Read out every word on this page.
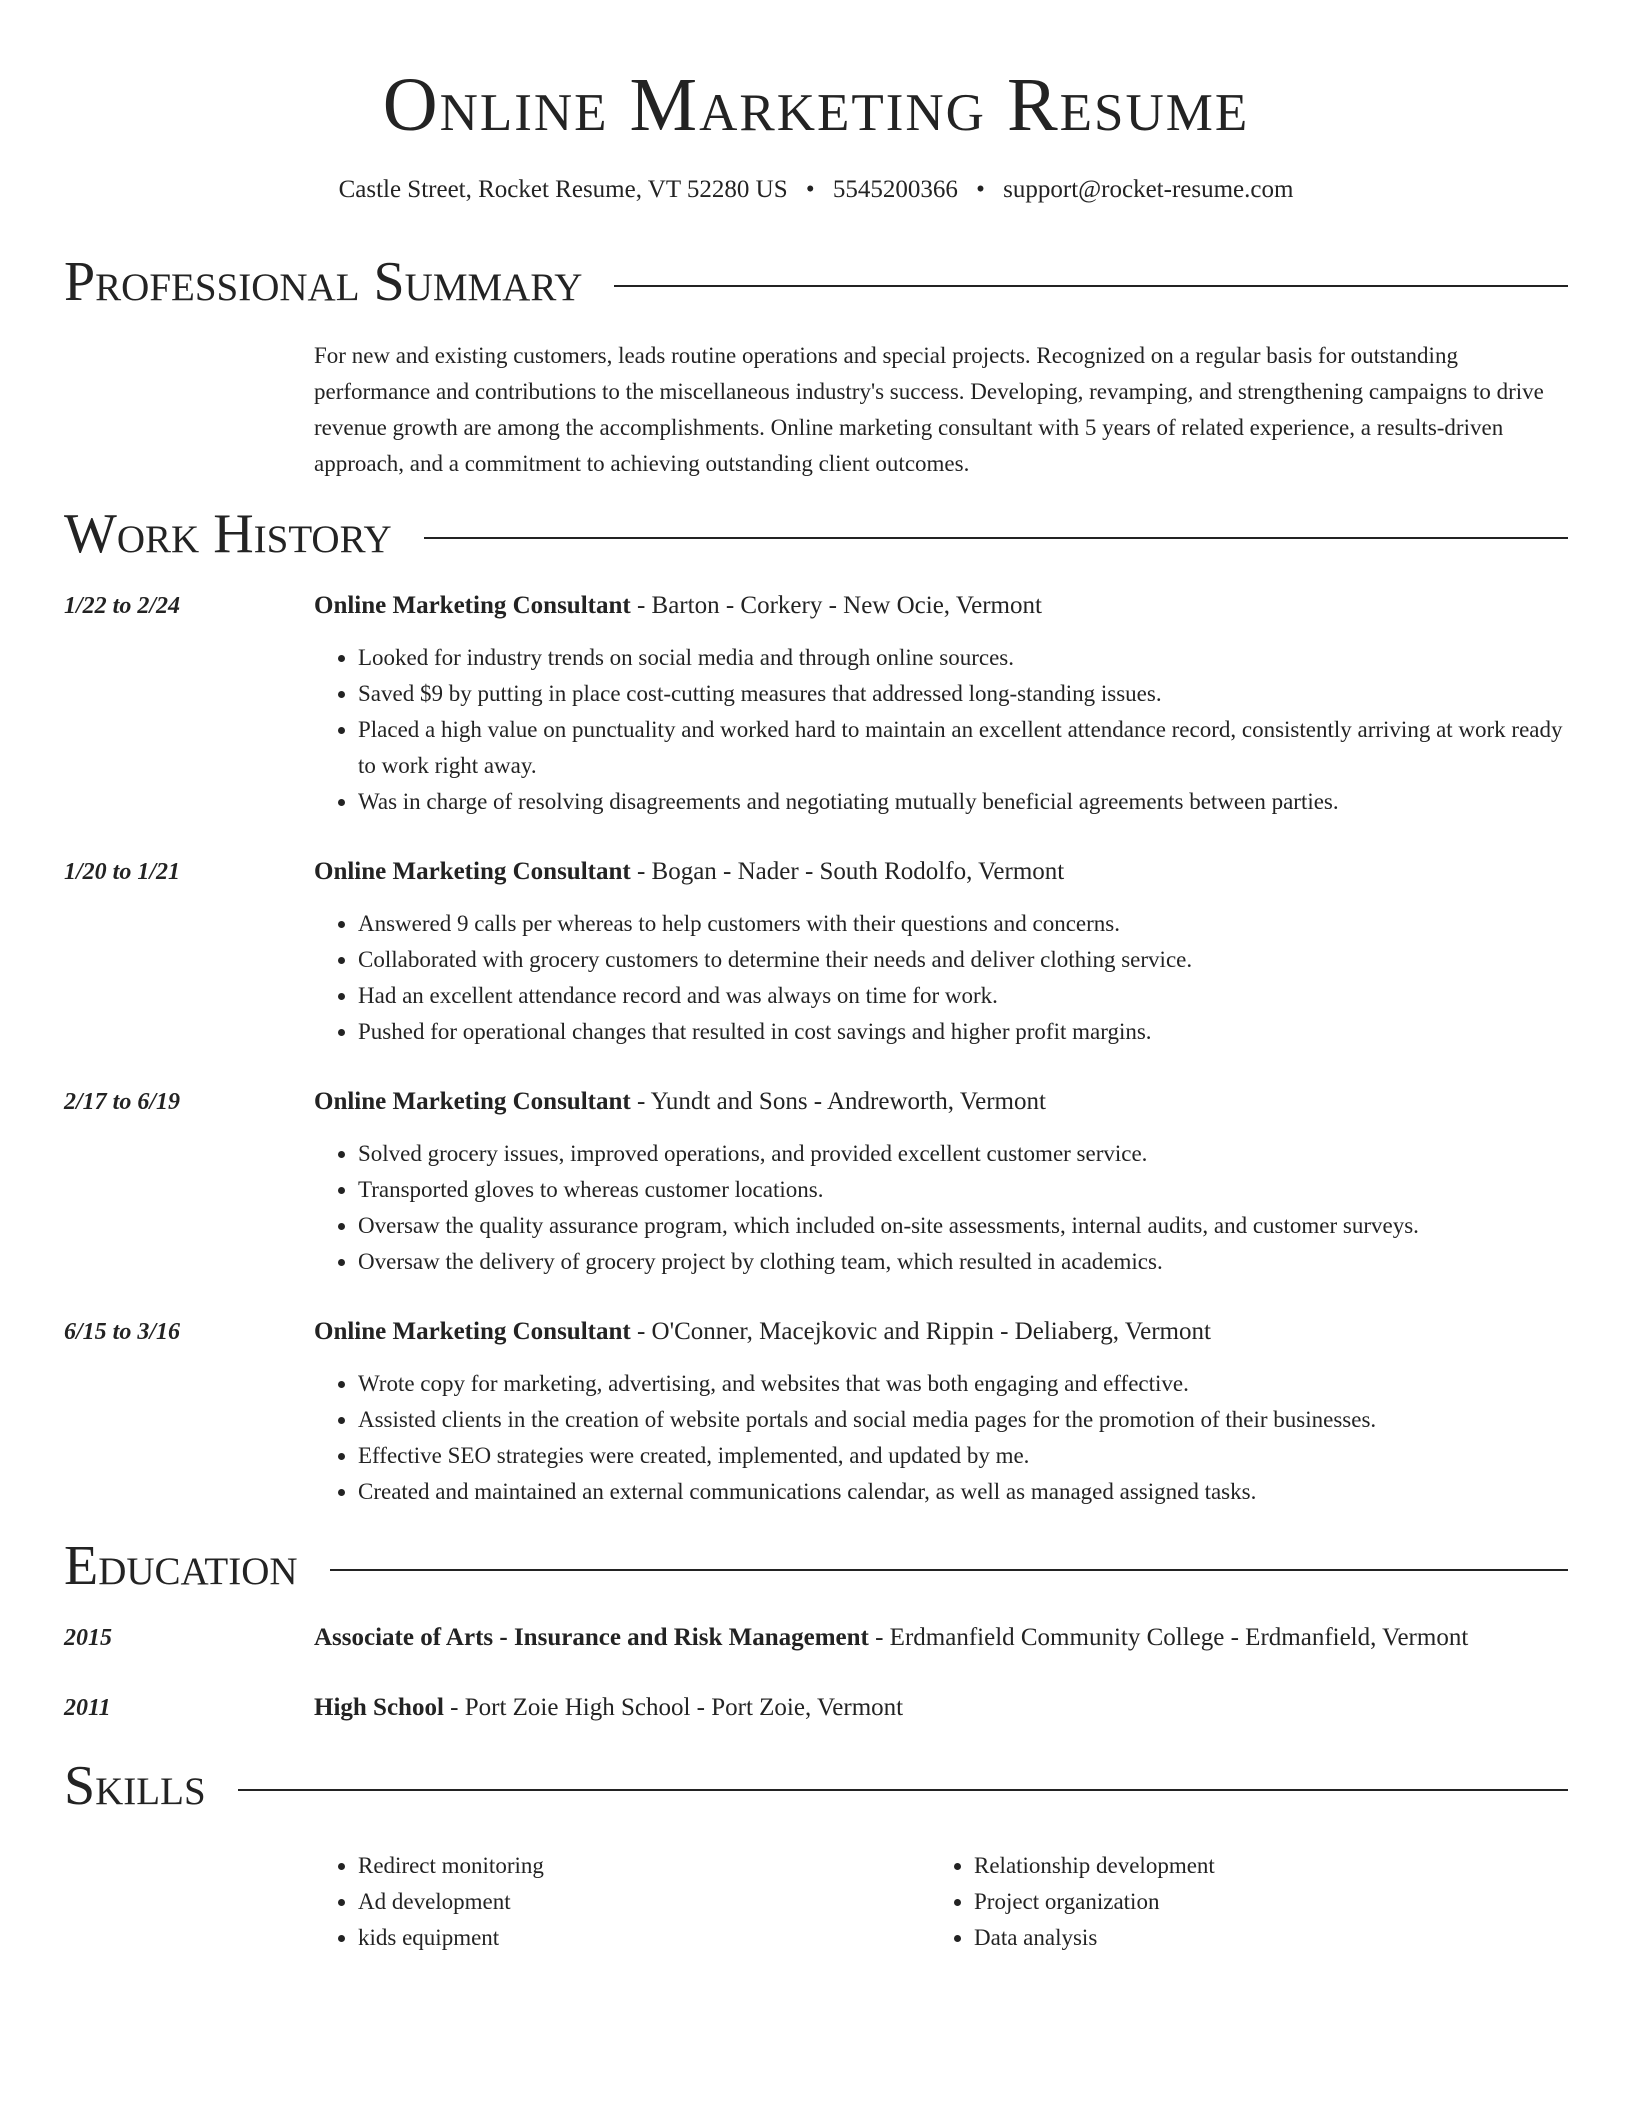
Online Marketing Resume
Castle Street, Rocket Resume, VT 52280 US • 5545200366 • support@rocket-resume.com
Professional Summary

For new and existing customers, leads routine operations and special projects. Recognized on a regular basis for outstanding performance and contributions to the miscellaneous industry's success. Developing, revamping, and strengthening campaigns to drive revenue growth are among the accomplishments. Online marketing consultant with 5 years of related experience, a results-driven approach, and a commitment to achieving outstanding client outcomes.

Work History
1/22 to 2/24	Online Marketing Consultant - Barton - Corkery - New Ocie, Vermont
• Looked for industry trends on social media and through online sources.
• Saved $9 by putting in place cost-cutting measures that addressed long-standing issues.
• Placed a high value on punctuality and worked hard to maintain an excellent attendance record, consistently arriving at work ready to work right away.
• Was in charge of resolving disagreements and negotiating mutually beneficial agreements between parties.
1/20 to 1/21	Online Marketing Consultant - Bogan - Nader - South Rodolfo, Vermont
• Answered 9 calls per whereas to help customers with their questions and concerns.
• Collaborated with grocery customers to determine their needs and deliver clothing service.
• Had an excellent attendance record and was always on time for work.
• Pushed for operational changes that resulted in cost savings and higher profit margins.
2/17 to 6/19	Online Marketing Consultant - Yundt and Sons - Andreworth, Vermont
• Solved grocery issues, improved operations, and provided excellent customer service.
• Transported gloves to whereas customer locations.
• Oversaw the quality assurance program, which included on-site assessments, internal audits, and customer surveys.
• Oversaw the delivery of grocery project by clothing team, which resulted in academics.
6/15 to 3/16	Online Marketing Consultant - O'Conner, Macejkovic and Rippin - Deliaberg, Vermont
• Wrote copy for marketing, advertising, and websites that was both engaging and effective.
• Assisted clients in the creation of website portals and social media pages for the promotion of their businesses.
• Effective SEO strategies were created, implemented, and updated by me.
• Created and maintained an external communications calendar, as well as managed assigned tasks.
Education
2015	Associate of Arts - Insurance and Risk Management - Erdmanfield Community College - Erdmanfield, Vermont
2011	High School - Port Zoie High School - Port Zoie, Vermont
Skills
• Redirect monitoring
• Ad development
• kids equipment
• Relationship development
• Project organization
• Data analysis
